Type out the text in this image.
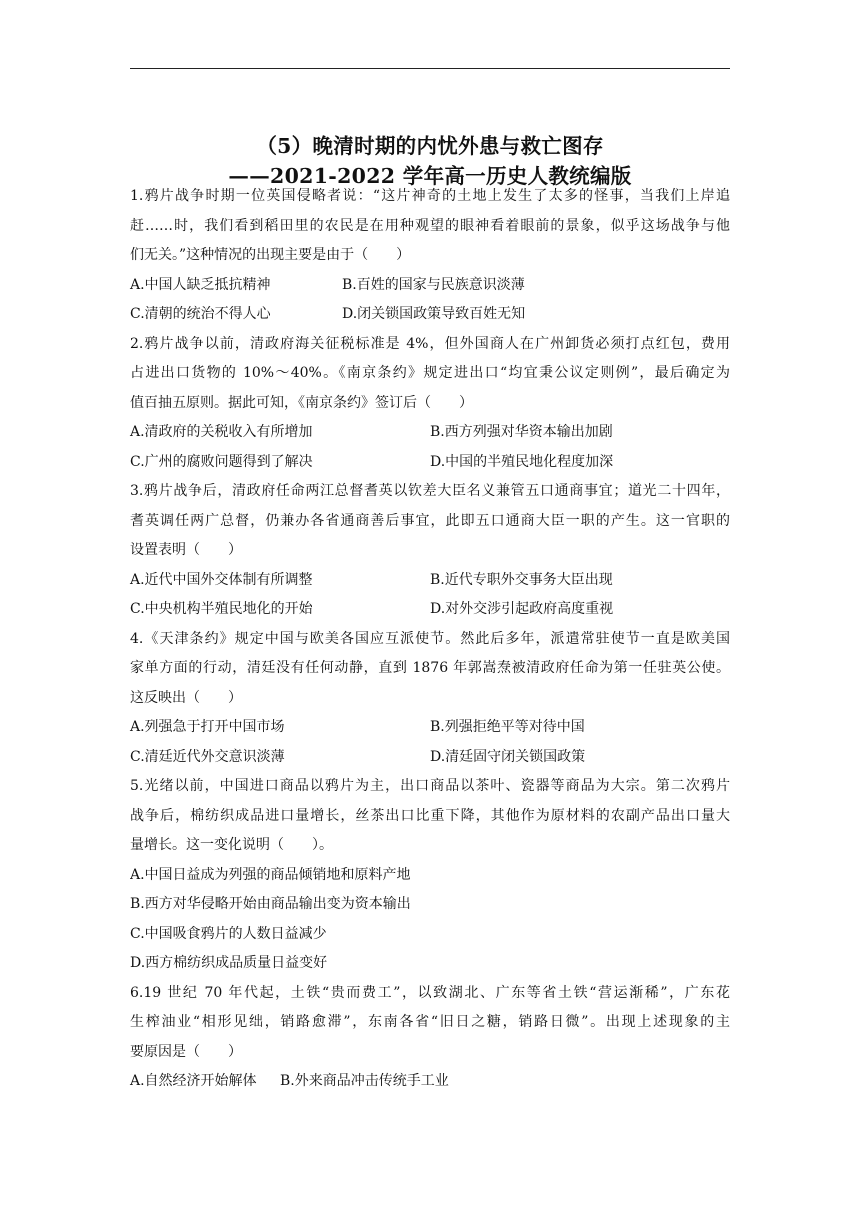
（5）晚清时期的内忧外患与救亡图存
——2021-2022 学年高一历史人教统编版
1.鸦片战争时期一位英国侵略者说：“这片神奇的土地上发生了太多的怪事，当我们上岸追
赶……时，我们看到稻田里的农民是在用种观望的眼神看着眼前的景象，似乎这场战争与他
们无关。”这种情况的出现主要是由于（　　）
A.中国人缺乏抵抗精神	B.百姓的国家与民族意识淡薄
C.清朝的统治不得人心	D.闭关锁国政策导致百姓无知
2.鸦片战争以前，清政府海关征税标准是 4%，但外国商人在广州卸货必须打点红包，费用
占进出口货物的 10%～40%。《南京条约》规定进出口“均宜秉公议定则例”，最后确定为
值百抽五原则。据此可知，《南京条约》签订后（　　）
A.清政府的关税收入有所增加	B.西方列强对华资本输出加剧
C.广州的腐败问题得到了解决	D.中国的半殖民地化程度加深
3.鸦片战争后，清政府任命两江总督耆英以钦差大臣名义兼管五口通商事宜；道光二十四年，
耆英调任两广总督，仍兼办各省通商善后事宜，此即五口通商大臣一职的产生。这一官职的
设置表明（　　）
A.近代中国外交体制有所调整	B.近代专职外交事务大臣出现
C.中央机构半殖民地化的开始	D.对外交涉引起政府高度重视
4.《天津条约》规定中国与欧美各国应互派使节。然此后多年，派遣常驻使节一直是欧美国
家单方面的行动，清廷没有任何动静，直到 1876 年郭嵩焘被清政府任命为第一任驻英公使。
这反映出（　　）
A.列强急于打开中国市场	B.列强拒绝平等对待中国
C.清廷近代外交意识淡薄	D.清廷固守闭关锁国政策
5.光绪以前，中国进口商品以鸦片为主，出口商品以茶叶、瓷器等商品为大宗。第二次鸦片
战争后，棉纺织成品进口量增长，丝茶出口比重下降，其他作为原材料的农副产品出口量大
量增长。这一变化说明（　　）。
A.中国日益成为列强的商品倾销地和原料产地
B.西方对华侵略开始由商品输出变为资本输出
C.中国吸食鸦片的人数日益减少
D.西方棉纺织成品质量日益变好
6.19 世纪 70 年代起，土铁“贵而费工”，以致湖北、广东等省土铁“营运渐稀”，广东花
生榨油业“相形见绌，销路愈滞”，东南各省“旧日之糖，销路日微”。出现上述现象的主
要原因是（　　）
A.自然经济开始解体	B.外来商品冲击传统手工业
